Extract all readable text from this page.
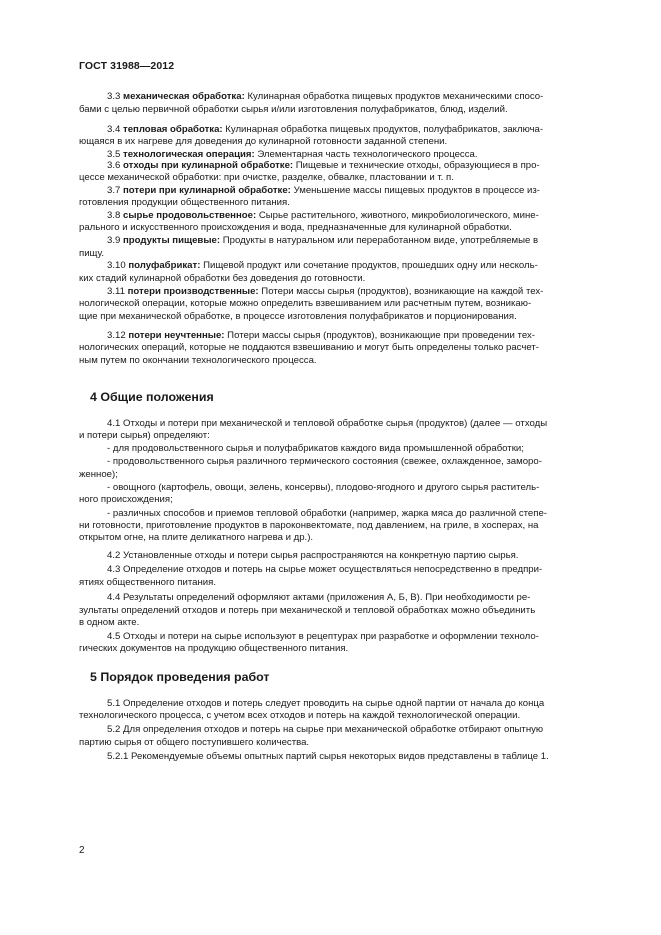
ГОСТ 31988—2012
3.3 механическая обработка: Кулинарная обработка пищевых продуктов механическими спосо-
бами с целью первичной обработки сырья и/или изготовления полуфабрикатов, блюд, изделий.
3.4 тепловая обработка: Кулинарная обработка пищевых продуктов, полуфабрикатов, заключа-
ющаяся в их нагреве для доведения до кулинарной готовности заданной степени.
3.5 технологическая операция: Элементарная часть технологического процесса.
3.6 отходы при кулинарной обработке: Пищевые и технические отходы, образующиеся в про-
цессе механической обработки: при очистке, разделке, обвалке, пластовании и т. п.
3.7 потери при кулинарной обработке: Уменьшение массы пищевых продуктов в процессе из-
готовления продукции общественного питания.
3.8 сырье продовольственное: Сырье растительного, животного, микробиологического, мине-
рального и искусственного происхождения и вода, предназначенные для кулинарной обработки.
3.9 продукты пищевые: Продукты в натуральном или переработанном виде, употребляемые в
пищу.
3.10 полуфабрикат: Пищевой продукт или сочетание продуктов, прошедших одну или несколь-
ких стадий кулинарной обработки без доведения до готовности.
3.11 потери производственные: Потери массы сырья (продуктов), возникающие на каждой тех-
нологической операции, которые можно определить взвешиванием или расчетным путем, возникаю-
щие при механической обработке, в процессе изготовления полуфабрикатов и порционирования.
3.12 потери неучтенные: Потери массы сырья (продуктов), возникающие при проведении тех-
нологических операций, которые не поддаются взвешиванию и могут быть определены только расчет-
ным путем по окончании технологического процесса.
4 Общие положения
4.1 Отходы и потери при механической и тепловой обработке сырья (продуктов) (далее — отходы
и потери сырья) определяют:
- для продовольственного сырья и полуфабрикатов каждого вида промышленной обработки;
- продовольственного сырья различного термического состояния (свежее, охлажденное, заморо-
женное);
- овощного (картофель, овощи, зелень, консервы), плодово-ягодного и другого сырья раститель-
ного происхождения;
- различных способов и приемов тепловой обработки (например, жарка мяса до различной степе-
ни готовности, приготовление продуктов в пароконвектомате, под давлением, на гриле, в хосперах, на
открытом огне, на плите деликатного нагрева и др.).
4.2 Установленные отходы и потери сырья распространяются на конкретную партию сырья.
4.3 Определение отходов и потерь на сырье может осуществляться непосредственно в предпри-
ятиях общественного питания.
4.4 Результаты определений оформляют актами (приложения А, Б, В). При необходимости ре-
зультаты определений отходов и потерь при механической и тепловой обработках можно объединить
в одном акте.
4.5 Отходы и потери на сырье используют в рецептурах при разработке и оформлении техноло-
гических документов на продукцию общественного питания.
5 Порядок проведения работ
5.1 Определение отходов и потерь следует проводить на сырье одной партии от начала до конца
технологического процесса, с учетом всех отходов и потерь на каждой технологической операции.
5.2 Для определения отходов и потерь на сырье при механической обработке отбирают опытную
партию сырья от общего поступившего количества.
5.2.1 Рекомендуемые объемы опытных партий сырья некоторых видов представлены в таблице 1.
2
